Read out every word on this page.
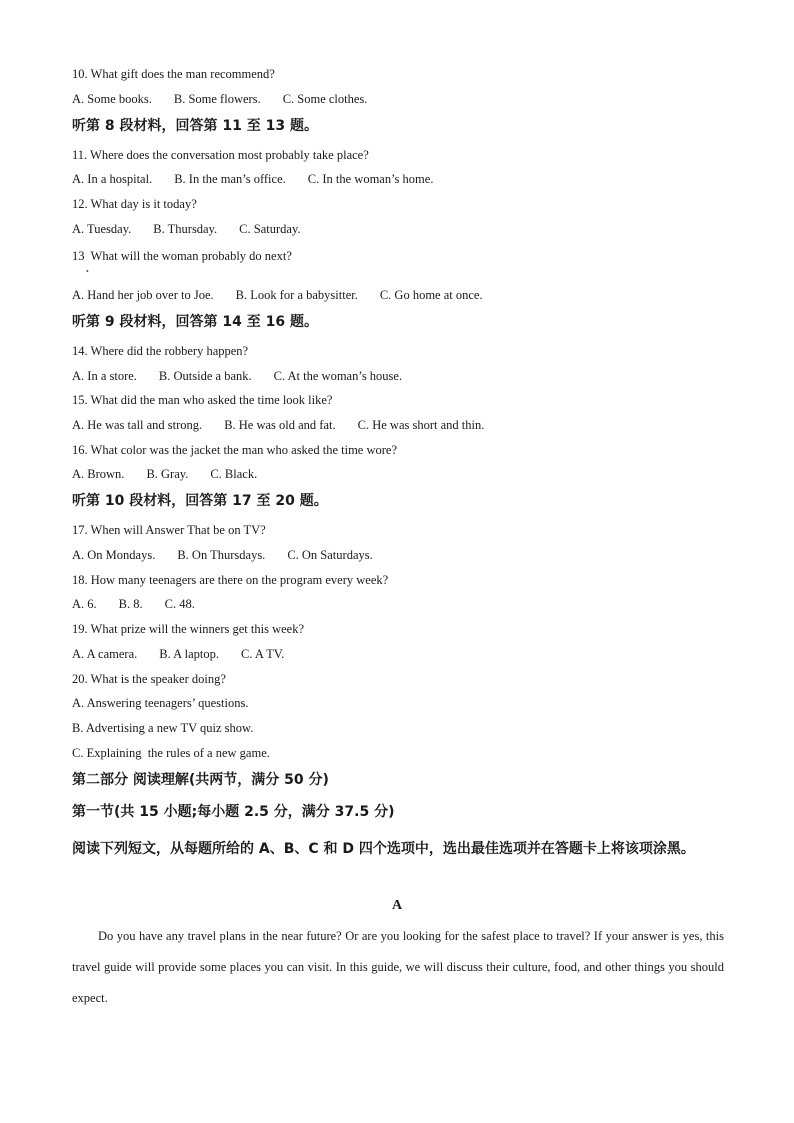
10. What gift does the man recommend?
A. Some books. B. Some flowers. C. Some clothes.
听第 8 段材料，回答第 11 至 13 题。
11. Where does the conversation most probably take place?
A. In a hospital. B. In the man’s office. C. In the woman’s home.
12. What day is it today?
A. Tuesday. B. Thursday. C. Saturday.
13  What will the woman probably do next?
•
A. Hand her job over to Joe. B. Look for a babysitter. C. Go home at once.
听第 9 段材料，回答第 14 至 16 题。
14. Where did the robbery happen?
A. In a store. B. Outside a bank. C. At the woman’s house.
15. What did the man who asked the time look like?
A. He was tall and strong. B. He was old and fat. C. He was short and thin.
16. What color was the jacket the man who asked the time wore?
A. Brown. B. Gray. C. Black.
听第 10 段材料，回答第 17 至 20 题。
17. When will Answer That be on TV?
A. On Mondays. B. On Thursdays. C. On Saturdays.
18. How many teenagers are there on the program every week?
A. 6. B. 8. C. 48.
19. What prize will the winners get this week?
A. A camera. B. A laptop. C. A TV.
20. What is the speaker doing?
A. Answering teenagers’ questions.
B. Advertising a new TV quiz show.
C. Explaining  the rules of a new game.
第二部分 阅读理解(共两节，满分 50 分)
第一节(共 15 小题;每小题 2.5 分，满分 37.5 分)
阅读下列短文，从每题所给的 A、B、C 和 D 四个选项中，选出最佳选项并在答题卡上将该项涂黑。
A
Do you have any travel plans in the near future? Or are you looking for the safest place to travel? If your answer is yes, this travel guide will provide some places you can visit. In this guide, we will discuss their culture, food, and other things you should expect.
